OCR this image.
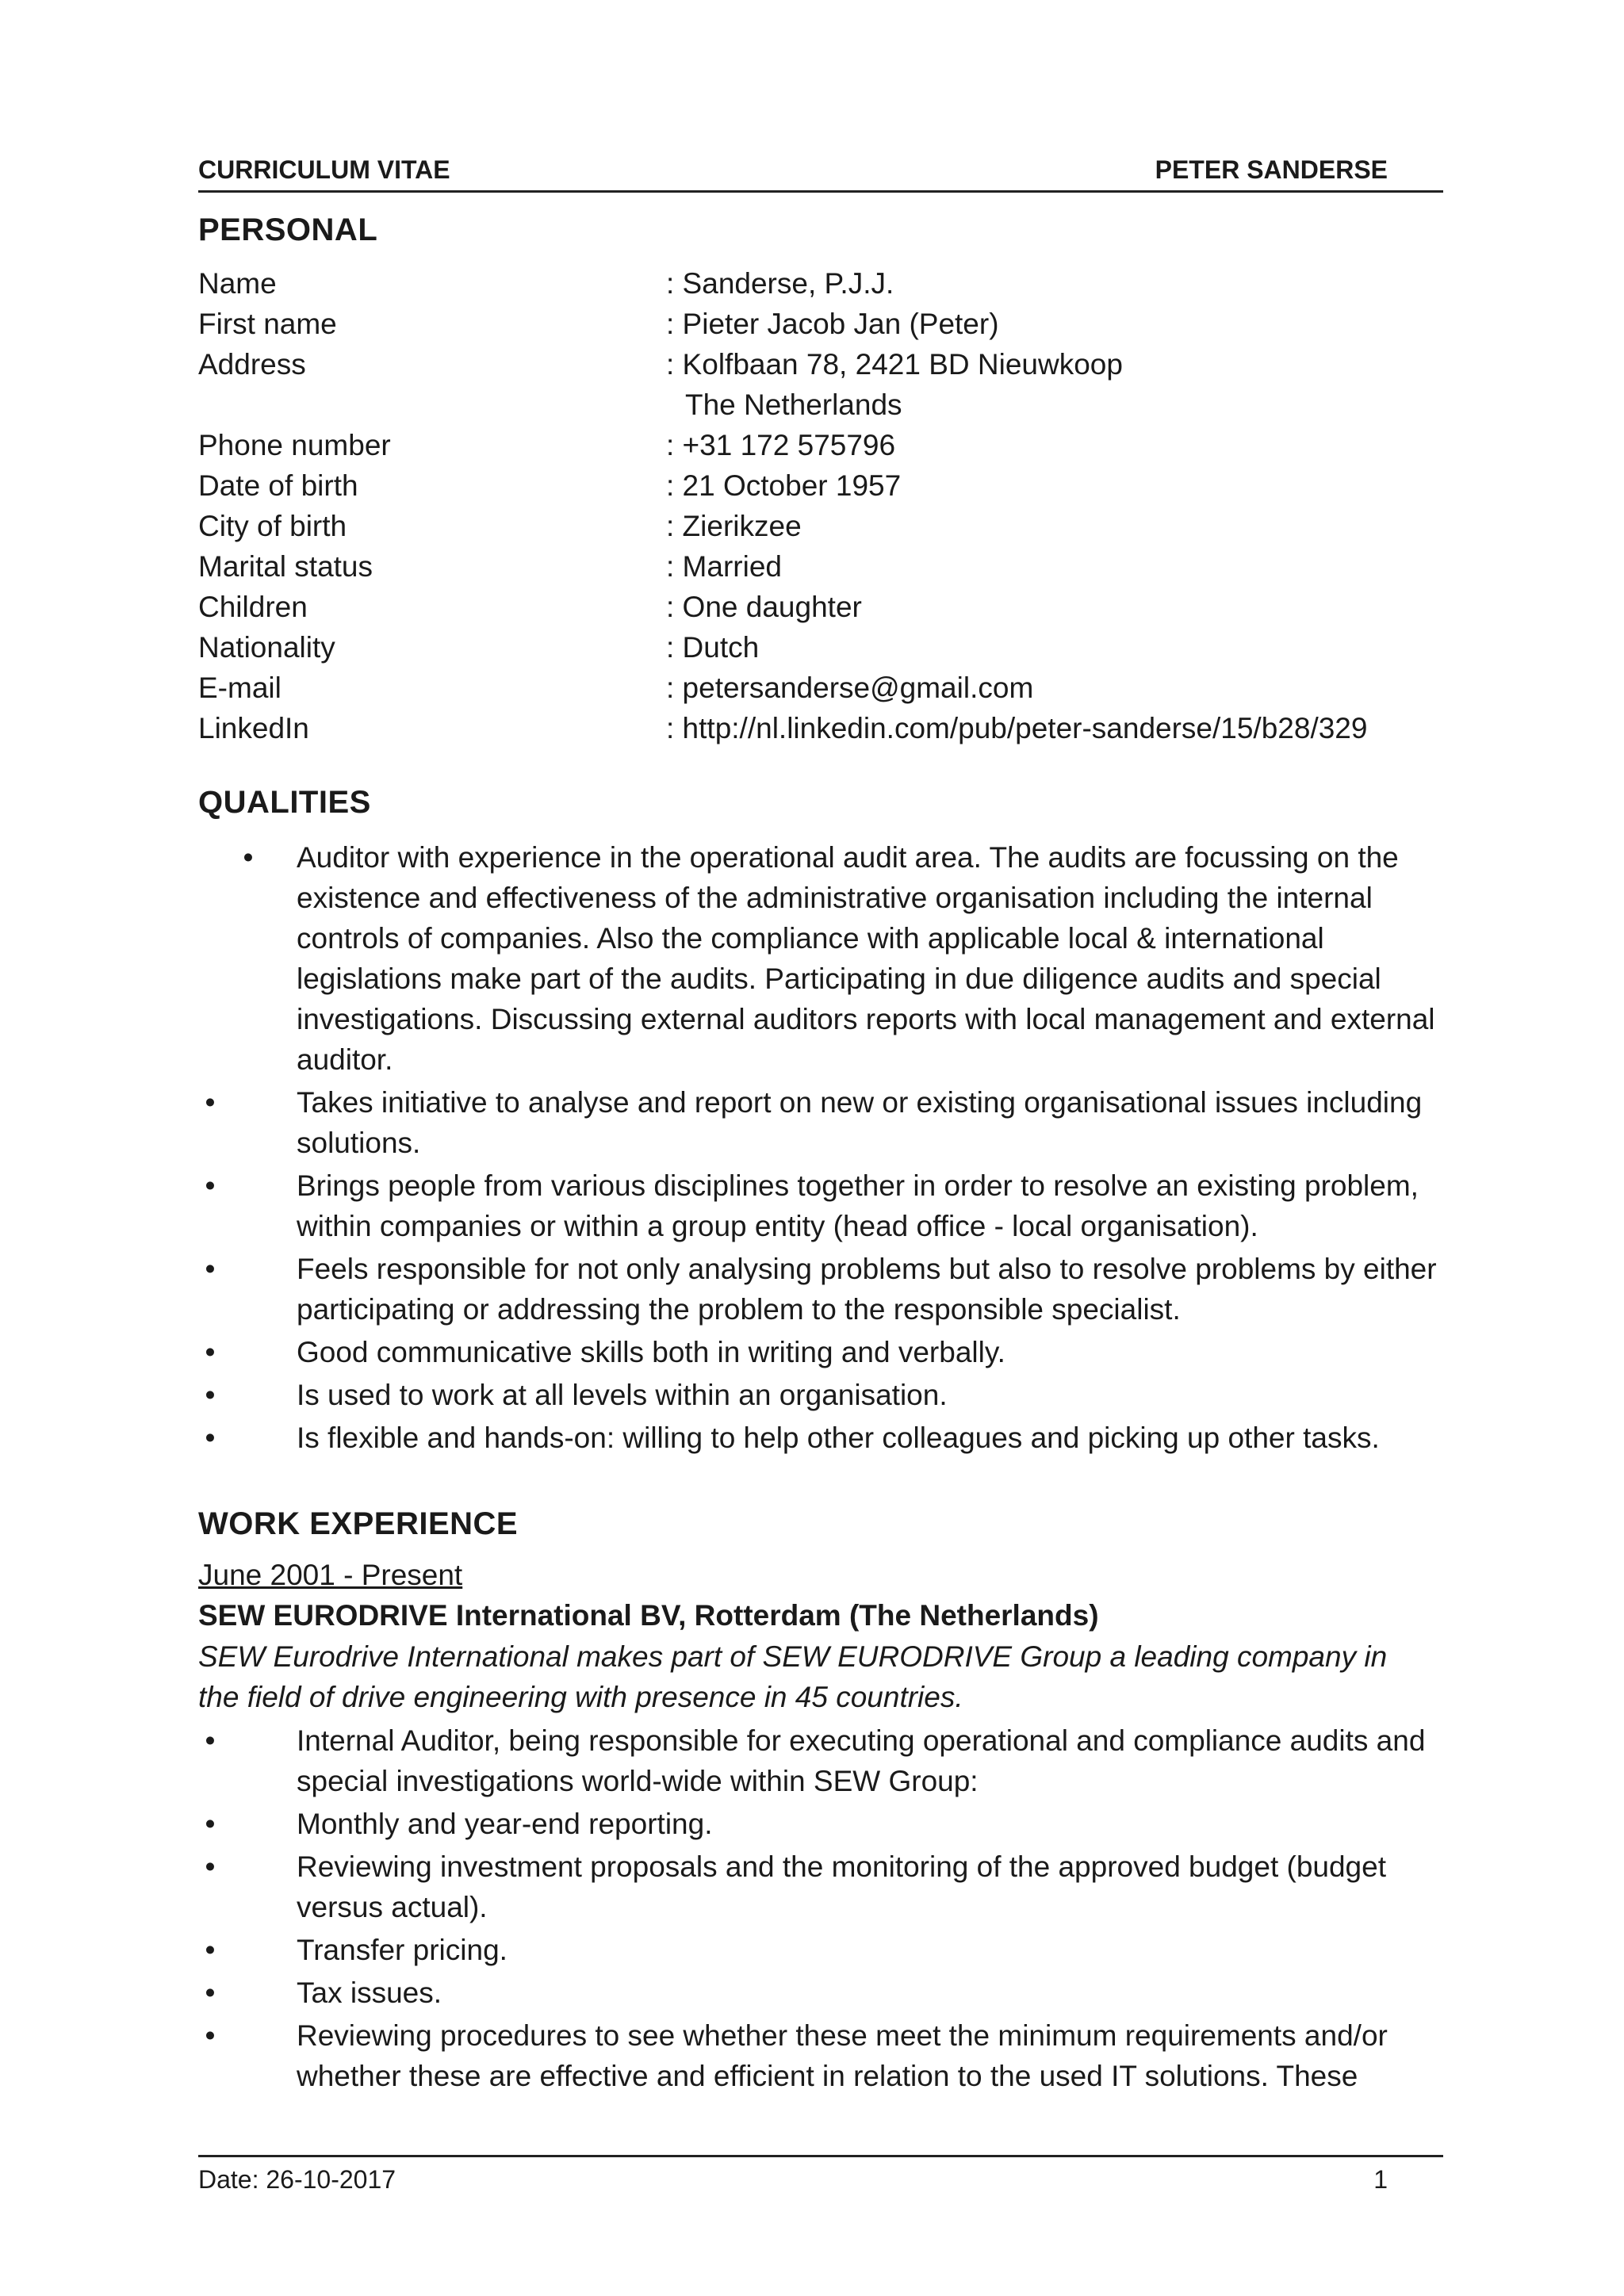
CURRICULUM VITAE	PETER SANDERSE
PERSONAL
Name	: Sanderse, P.J.J.
First name	: Pieter Jacob Jan (Peter)
Address	: Kolfbaan 78, 2421 BD Nieuwkoop
The Netherlands
Phone number	: +31 172 575796
Date of birth	: 21 October 1957
City of birth	: Zierikzee
Marital status	: Married
Children	: One daughter
Nationality	: Dutch
E-mail	: petersanderse@gmail.com
LinkedIn	: http://nl.linkedin.com/pub/peter-sanderse/15/b28/329
QUALITIES
• Auditor with experience in the operational audit area. The audits are focussing on the existence and effectiveness of the administrative organisation including the internal controls of companies. Also the compliance with applicable local & international legislations make part of the audits. Participating in due diligence audits and special investigations. Discussing external auditors reports with local management and external auditor.
•	Takes initiative to analyse and report on new or existing organisational issues including solutions.
•	Brings people from various disciplines together in order to resolve an existing problem, within companies or within a group entity (head office - local organisation).
•	Feels responsible for not only analysing problems but also to resolve problems by either participating or addressing the problem to the responsible specialist.
•	Good communicative skills both in writing and verbally.
•	Is used to work at all levels within an organisation.
•	Is flexible and hands-on: willing to help other colleagues and picking up other tasks.
WORK EXPERIENCE
June 2001 - Present
SEW EURODRIVE International BV, Rotterdam (The Netherlands)
SEW Eurodrive International makes part of SEW EURODRIVE Group a leading company in the field of drive engineering with presence in 45 countries.
•	Internal Auditor, being responsible for executing operational and compliance audits and special investigations world-wide within SEW Group:
•	Monthly and year-end reporting.
•	Reviewing investment proposals and the monitoring of the approved budget (budget versus actual).
•	Transfer pricing.
•	Tax issues.
•	Reviewing procedures to see whether these meet the minimum requirements and/or whether these are effective and efficient in relation to the used IT solutions. These
Date: 26-10-2017	1
